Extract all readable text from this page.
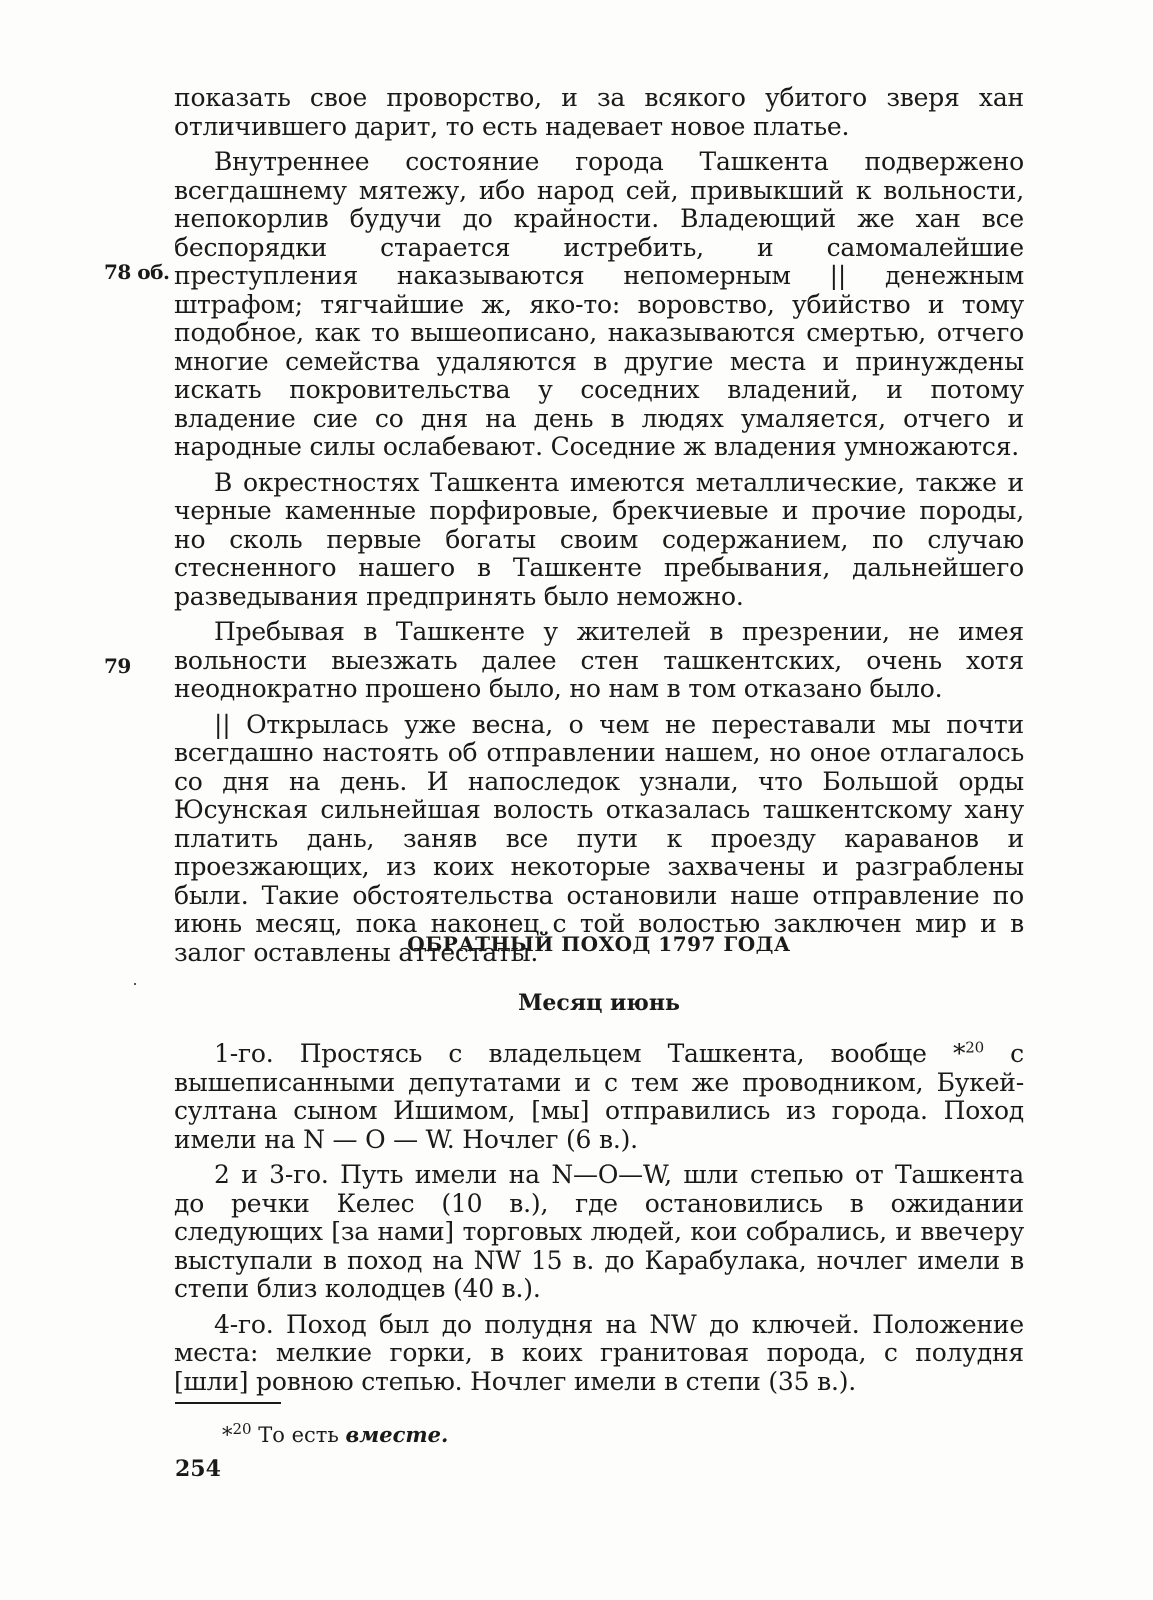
показать свое проворство, и за всякого убитого зверя хан отличившего дарит, то есть надевает новое платье.

Внутреннее состояние города Ташкента подвержено всегдашнему мятежу, ибо народ сей, привыкший к вольности, непокорлив будучи до крайности. Владеющий же хан все беспорядки старается истребить, и самомалейшие преступления наказываются непомерным || денежным штрафом; тягчайшие ж, яко-то: воровство, убийство и тому подобное, как то вышеописано, наказываются смертью, отчего многие семейства удаляются в другие места и принуждены искать покровительства у соседних владений, и потому владение сие со дня на день в людях умаляется, отчего и народные силы ослабевают. Соседние ж владения умножаются.

В окрестностях Ташкента имеются металлические, также и черные каменные порфировые, брекчиевые и прочие породы, но сколь первые богаты своим содержанием, по случаю стесненного нашего в Ташкенте пребывания, дальнейшего разведывания предпринять было неможно.

Пребывая в Ташкенте у жителей в презрении, не имея вольности выезжать далее стен ташкентских, очень хотя неоднократно прошено было, но нам в том отказано было.

|| Открылась уже весна, о чем не переставали мы почти всегдашно настоять об отправлении нашем, но оное отлагалось со дня на день. И напоследок узнали, что Большой орды Юсунская сильнейшая волость отказалась ташкентскому хану платить дань, заняв все пути к проезду караванов и проезжающих, из коих некоторые захвачены и разграблены были. Такие обстоятельства остановили наше отправление по июнь месяц, пока наконец с той волостью заключен мир и в залог оставлены аттестаты.

78 об.
79
ОБРАТНЫЙ ПОХОД 1797 ГОДА
Месяц июнь

1-го. Простясь с владельцем Ташкента, вообще *$^{20}$ с вышеписанными депутатами и с тем же проводником, Букей-султана сыном Ишимом, [мы] отправились из города. Поход имели на N — O — W. Ночлег (6 в.).

2 и 3-го. Путь имели на N—O—W, шли степью от Ташкента до речки Келес (10 в.), где остановились в ожидании следующих [за нами] торговых людей, кои собрались, и ввечеру выступали в поход на NW 15 в. до Карабулака, ночлег имели в степи близ колодцев (40 в.).

4-го. Поход был до полудня на NW до ключей. Положение места: мелкие горки, в коих гранитовая порода, с полудня [шли] ровною степью. Ночлег имели в степи (35 в.).

*$^{20}$ То есть вместе.
254
